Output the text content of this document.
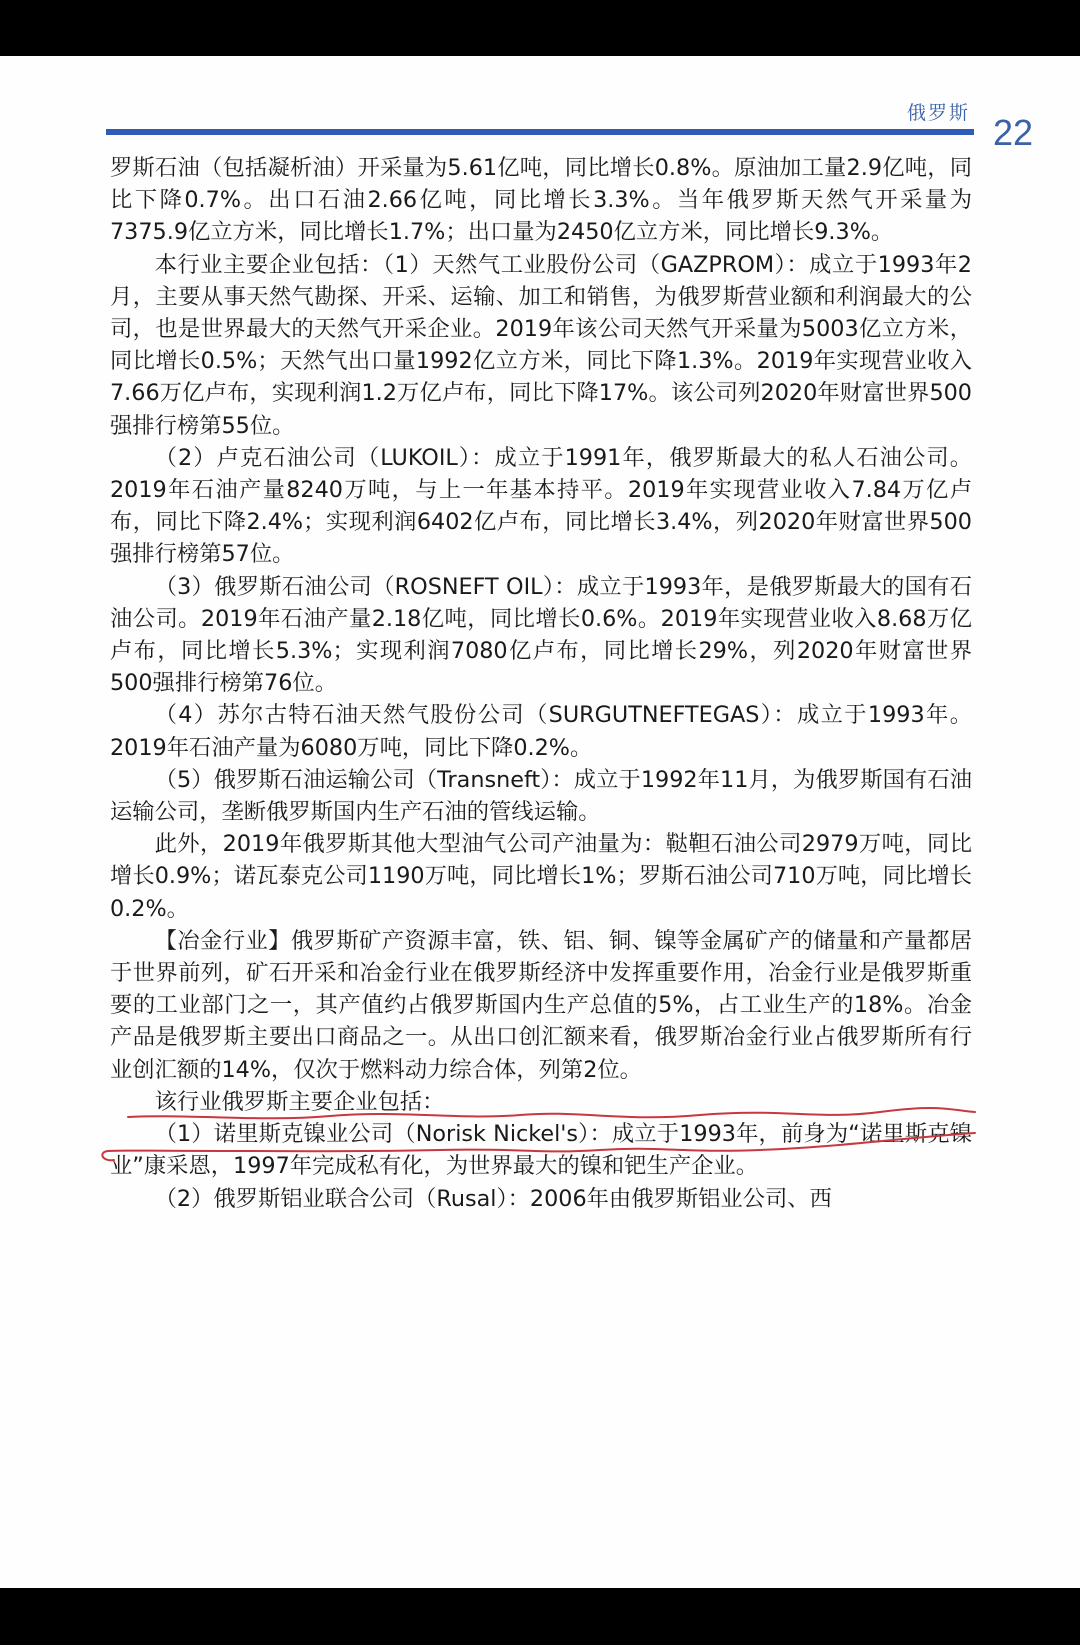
俄罗斯 22

罗斯石油（包括凝析油）开采量为5.61亿吨，同比增长0.8%。原油加工量2.9亿吨，同比下降0.7%。出口石油2.66亿吨，同比增长3.3%。当年俄罗斯天然气开采量为7375.9亿立方米，同比增长1.7%；出口量为2450亿立方米，同比增长9.3%。

本行业主要企业包括：（1）天然气工业股份公司（GAZPROM）：成立于1993年2月，主要从事天然气勘探、开采、运输、加工和销售，为俄罗斯营业额和利润最大的公司，也是世界最大的天然气开采企业。2019年该公司天然气开采量为5003亿立方米，同比增长0.5%；天然气出口量1992亿立方米，同比下降1.3%。2019年实现营业收入7.66万亿卢布，实现利润1.2万亿卢布，同比下降17%。该公司列2020年财富世界500强排行榜第55位。

（2）卢克石油公司（LUKOIL）：成立于1991年，俄罗斯最大的私人石油公司。2019年石油产量8240万吨，与上一年基本持平。2019年实现营业收入7.84万亿卢布，同比下降2.4%；实现利润6402亿卢布，同比增长3.4%，列2020年财富世界500强排行榜第57位。

（3）俄罗斯石油公司（ROSNEFT OIL）：成立于1993年，是俄罗斯最大的国有石油公司。2019年石油产量2.18亿吨，同比增长0.6%。2019年实现营业收入8.68万亿卢布，同比增长5.3%；实现利润7080亿卢布，同比增长29%，列2020年财富世界500强排行榜第76位。

（4）苏尔古特石油天然气股份公司（SURGUTNEFTEGAS）：成立于1993年。2019年石油产量为6080万吨，同比下降0.2%。

（5）俄罗斯石油运输公司（Transneft）：成立于1992年11月，为俄罗斯国有石油运输公司，垄断俄罗斯国内生产石油的管线运输。

此外，2019年俄罗斯其他大型油气公司产油量为：鞑靼石油公司2979万吨，同比增长0.9%；诺瓦泰克公司1190万吨，同比增长1%；罗斯石油公司710万吨，同比增长0.2%。

【冶金行业】俄罗斯矿产资源丰富，铁、铝、铜、镍等金属矿产的储量和产量都居于世界前列，矿石开采和冶金行业在俄罗斯经济中发挥重要作用，冶金行业是俄罗斯重要的工业部门之一，其产值约占俄罗斯国内生产总值的5%，占工业生产的18%。冶金产品是俄罗斯主要出口商品之一。从出口创汇额来看，俄罗斯冶金行业占俄罗斯所有行业创汇额的14%，仅次于燃料动力综合体，列第2位。

该行业俄罗斯主要企业包括：

（1）诺里斯克镍业公司（Norisk Nickel's）：成立于1993年，前身为“诺里斯克镍业”康采恩，1997年完成私有化，为世界最大的镍和钯生产企业。

（2）俄罗斯铝业联合公司（Rusal）：2006年由俄罗斯铝业公司、西
